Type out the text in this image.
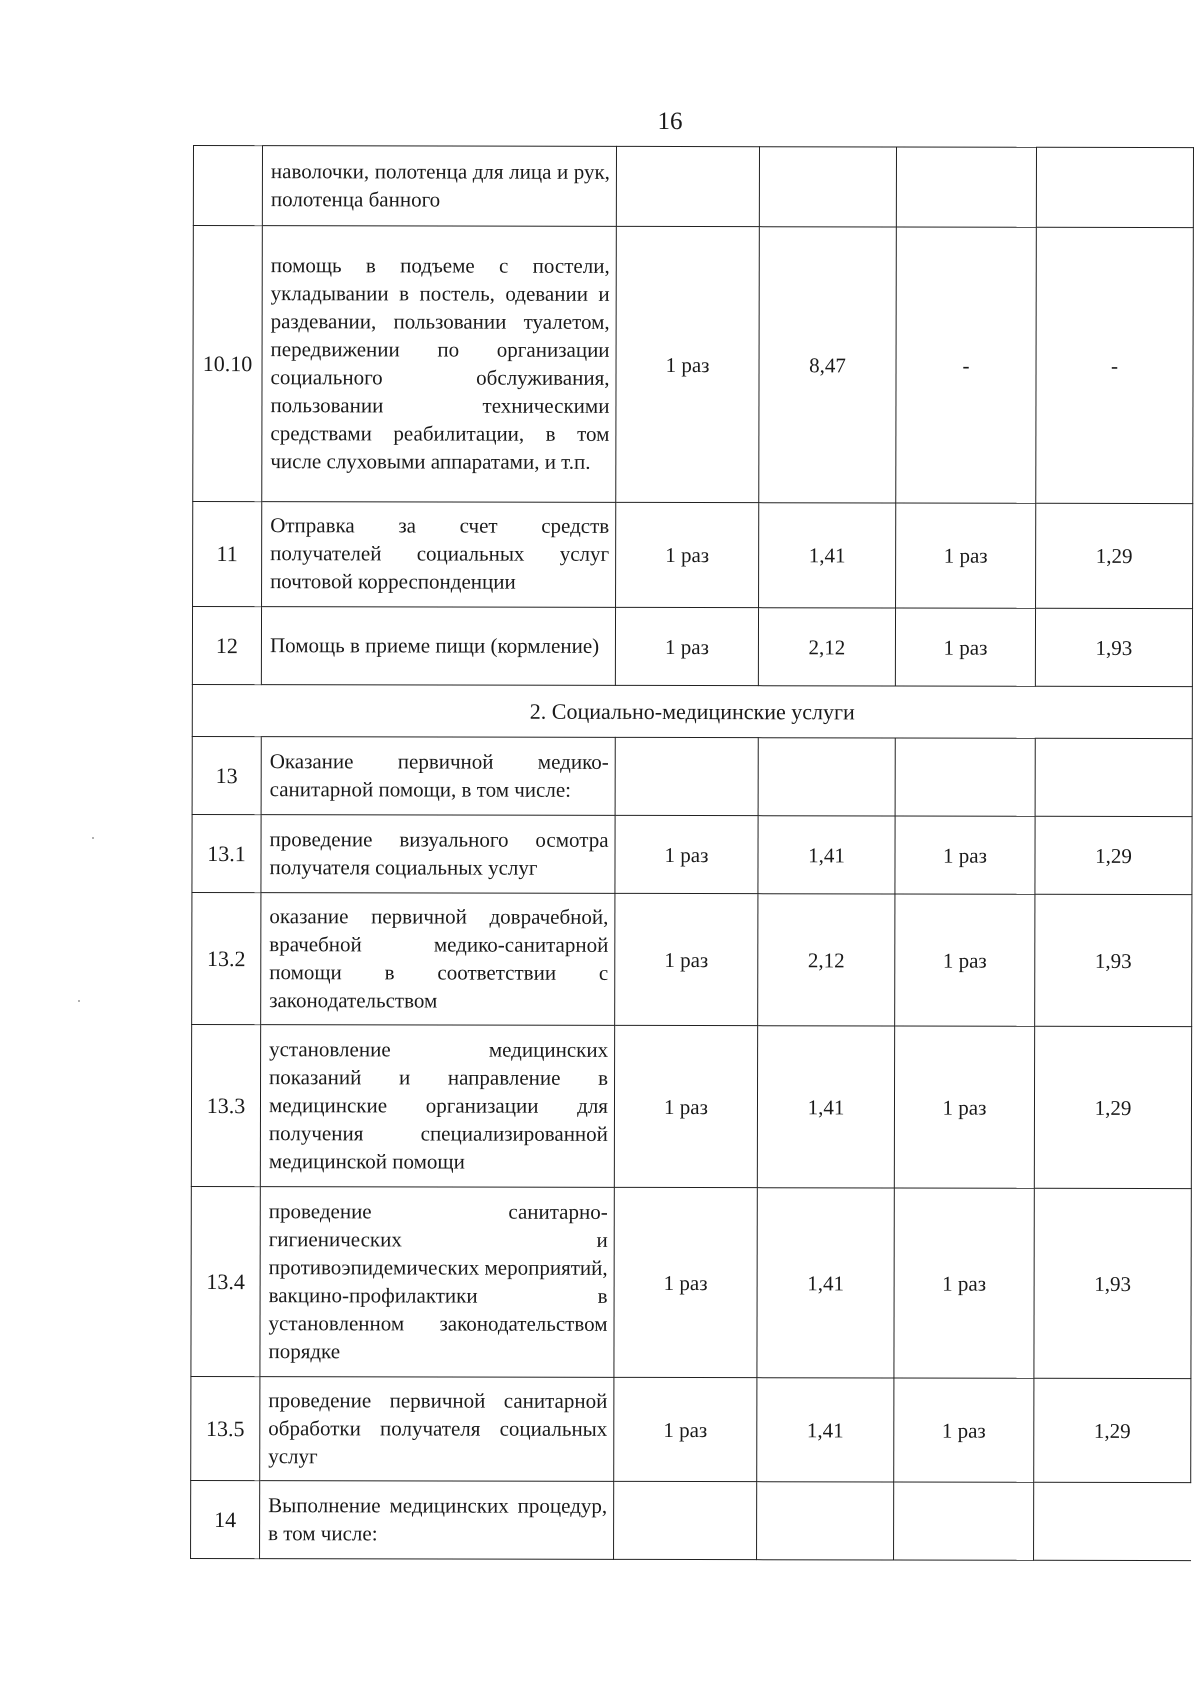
16
	наволочки, полотенца для лица и рук, полотенца банного				
10.10	помощь в подъеме с постели, укладывании в постель, одевании и раздевании, пользовании туалетом, передвижении по организации социального обслуживания, пользовании техническими средствами реабилитации, в том числе слуховыми аппаратами, и т.п.	1 раз	8,47	-	-
11	Отправка за счет средств получателей социальных услуг почтовой корреспонденции	1 раз	1,41	1 раз	1,29
12	Помощь в приеме пищи (кормление)	1 раз	2,12	1 раз	1,93
2. Социально-медицинские услуги					
13	Оказание первичной медико-санитарной помощи, в том числе:				
13.1	проведение визуального осмотра получателя социальных услуг	1 раз	1,41	1 раз	1,29
13.2	оказание первичной доврачебной, врачебной медико-санитарной помощи в соответствии с законодательством	1 раз	2,12	1 раз	1,93
13.3	установление медицинских показаний и направление в медицинские организации для получения специализированной медицинской помощи	1 раз	1,41	1 раз	1,29
13.4	проведение санитарно-гигиенических и противоэпидемических мероприятий, вакцино-профилактики в установленном законодательством порядке	1 раз	1,41	1 раз	1,93
13.5	проведение первичной санитарной обработки получателя социальных услуг	1 раз	1,41	1 раз	1,29
14	Выполнение медицинских процедур, в том числе:				
